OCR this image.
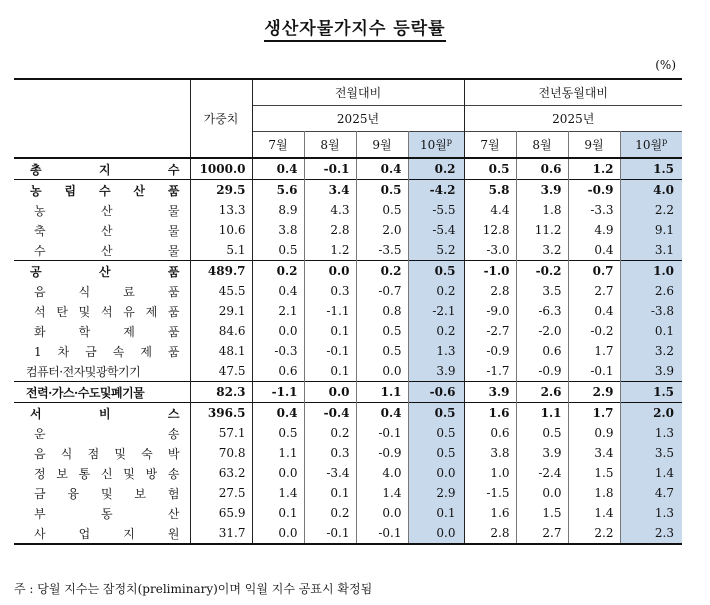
생산자물가지수 등락률
(%)
	가중치	전월대비				전년동월대비			
		2025년				2025년			
		7월	8월	9월	10월$^p$	7월	8월	9월	10월$^p$
총 지 수	1000.0	0.4	-0.1	0.4	0.2	0.5	0.6	1.2	1.5
농 림 수 산 품	29.5	5.6	3.4	0.5	-4.2	5.8	3.9	-0.9	4.0
농 산 물	13.3	8.9	4.3	0.5	-5.5	4.4	1.8	-3.3	2.2
축 산 물	10.6	3.8	2.8	2.0	-5.4	12.8	11.2	4.9	9.1
수 산 물	5.1	0.5	1.2	-3.5	5.2	-3.0	3.2	0.4	3.1
공 산 품	489.7	0.2	0.0	0.2	0.5	-1.0	-0.2	0.7	1.0
음 식 료 품	45.5	0.4	0.3	-0.7	0.2	2.8	3.5	2.7	2.6
석 탄 및 석 유 제 품	29.1	2.1	-1.1	0.8	-2.1	-9.0	-6.3	0.4	-3.8
화 학 제 품	84.6	0.0	0.1	0.5	0.2	-2.7	-2.0	-0.2	0.1
1 차 금 속 제 품	48.1	-0.3	-0.1	0.5	1.3	-0.9	0.6	1.7	3.2
컴퓨터·전자및광학기기	47.5	0.6	0.1	0.0	3.9	-1.7	-0.9	-0.1	3.9
전력·가스·수도및폐기물	82.3	-1.1	0.0	1.1	-0.6	3.9	2.6	2.9	1.5
서 비 스	396.5	0.4	-0.4	0.4	0.5	1.6	1.1	1.7	2.0
운 송	57.1	0.5	0.2	-0.1	0.5	0.6	0.5	0.9	1.3
음 식 점 및 숙 박	70.8	1.1	0.3	-0.9	0.5	3.8	3.9	3.4	3.5
정 보 통 신 및 방 송	63.2	0.0	-3.4	4.0	0.0	1.0	-2.4	1.5	1.4
금 융 및 보 험	27.5	1.4	0.1	1.4	2.9	-1.5	0.0	1.8	4.7
부 동 산	65.9	0.1	0.2	0.0	0.1	1.6	1.5	1.4	1.3
사 업 지 원	31.7	0.0	-0.1	-0.1	0.0	2.8	2.7	2.2	2.3
주 : 당월 지수는 잠정치(preliminary)이며 익월 지수 공표시 확정됨
